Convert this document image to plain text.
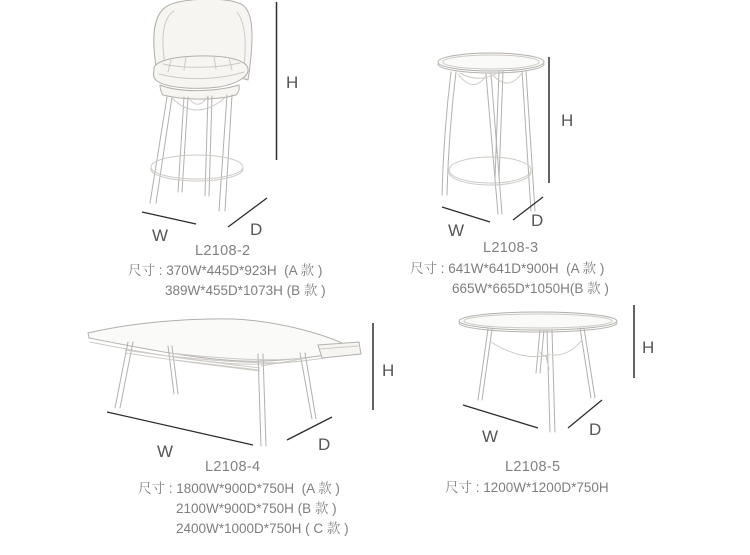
H
W	D
L2108-2
尺寸 : 370W*445D*923H  (A 款 )
389W*455D*1073H (B 款 )
H
W
D
L2108-3
尺寸 : 641W*641D*900H  (A 款 )
665W*665D*1050H(B 款 )
H
W	D
L2108-4
尺寸 : 1800W*900D*750H  (A 款 )
2100W*900D*750H (B 款 )
2400W*1000D*750H ( C 款 )
H
W	D
L2108-5
尺寸 : 1200W*1200D*750H
